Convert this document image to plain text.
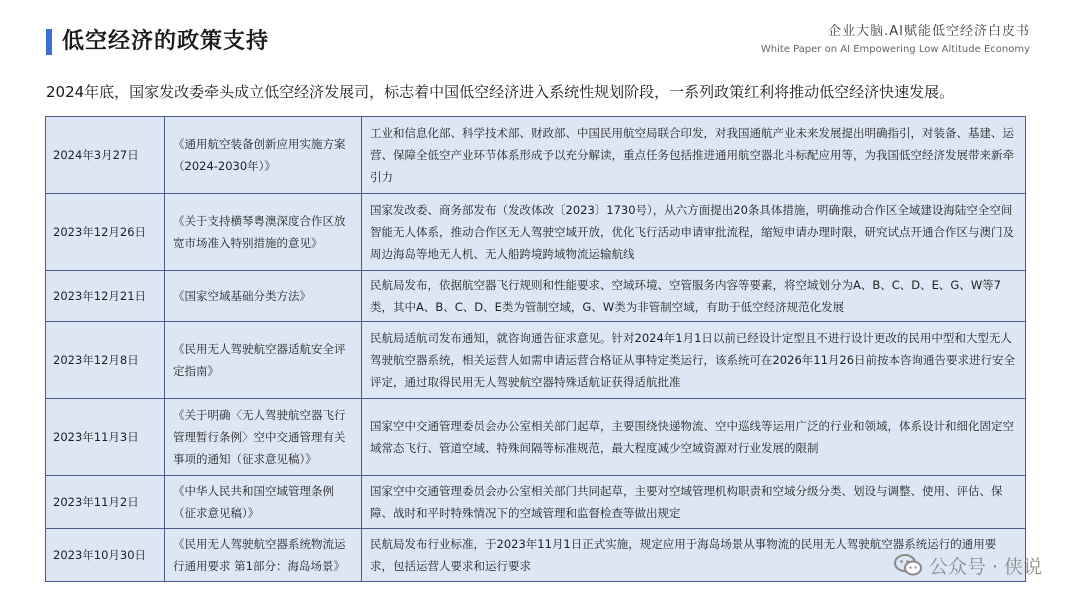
低空经济的政策支持	企业大脑.AI赋能低空经济白皮书
White Paper on AI Empowering Low Altitude Economy
2024年底，国家发改委牵头成立低空经济发展司，标志着中国低空经济进入系统性规划阶段，一系列政策红利将推动低空经济快速发展。
2024年3月27日	《通用航空装备创新应用实施方案（2024-2030年）》	工业和信息化部、科学技术部、财政部、中国民用航空局联合印发，对我国通航产业未来发展提出明确指引，对装备、基建、运营、保障全低空产业环节体系形成予以充分解读，重点任务包括推进通用航空器北斗标配应用等，为我国低空经济发展带来新牵引力
2023年12月26日	《关于支持横琴粤澳深度合作区放宽市场准入特别措施的意见》	国家发改委、商务部发布（发改体改〔2023〕1730号），从六方面提出20条具体措施，明确推动合作区全域建设海陆空全空间智能无人体系，推动合作区无人驾驶空域开放，优化飞行活动申请审批流程，缩短申请办理时限，研究试点开通合作区与澳门及周边海岛等地无人机、无人船跨境跨域物流运输航线
2023年12月21日	《国家空域基础分类方法》	民航局发布，依据航空器飞行规则和性能要求、空域环境、空管服务内容等要素，将空域划分为A、B、C、D、E、G、W等7类，其中A、B、C、D、E类为管制空域，G、W类为非管制空域，有助于低空经济规范化发展
2023年12月8日	《民用无人驾驶航空器适航安全评定指南》	民航局适航司发布通知，就咨询通告征求意见。针对2024年1月1日以前已经设计定型且不进行设计更改的民用中型和大型无人驾驶航空器系统，相关运营人如需申请运营合格证从事特定类运行，该系统可在2026年11月26日前按本咨询通告要求进行安全评定，通过取得民用无人驾驶航空器特殊适航证获得适航批准
2023年11月3日	《关于明确〈无人驾驶航空器飞行管理暂行条例〉空中交通管理有关事项的通知（征求意见稿）》	国家空中交通管理委员会办公室相关部门起草，主要围绕快递物流、空中巡线等运用广泛的行业和领域，体系设计和细化固定空域常态飞行、管道空域、特殊间隔等标准规范，最大程度减少空域资源对行业发展的限制
2023年11月2日	《中华人民共和国空域管理条例（征求意见稿）》	国家空中交通管理委员会办公室相关部门共同起草，主要对空域管理机构职责和空域分级分类、划设与调整、使用、评估、保障、战时和平时特殊情况下的空域管理和监督检查等做出规定
2023年10月30日	《民用无人驾驶航空器系统物流运行通用要求 第1部分：海岛场景》	民航局发布行业标准，于2023年11月1日正式实施，规定应用于海岛场景从事物流的民用无人驾驶航空器系统运行的通用要求，包括运营人要求和运行要求	公众号 · 侠说
